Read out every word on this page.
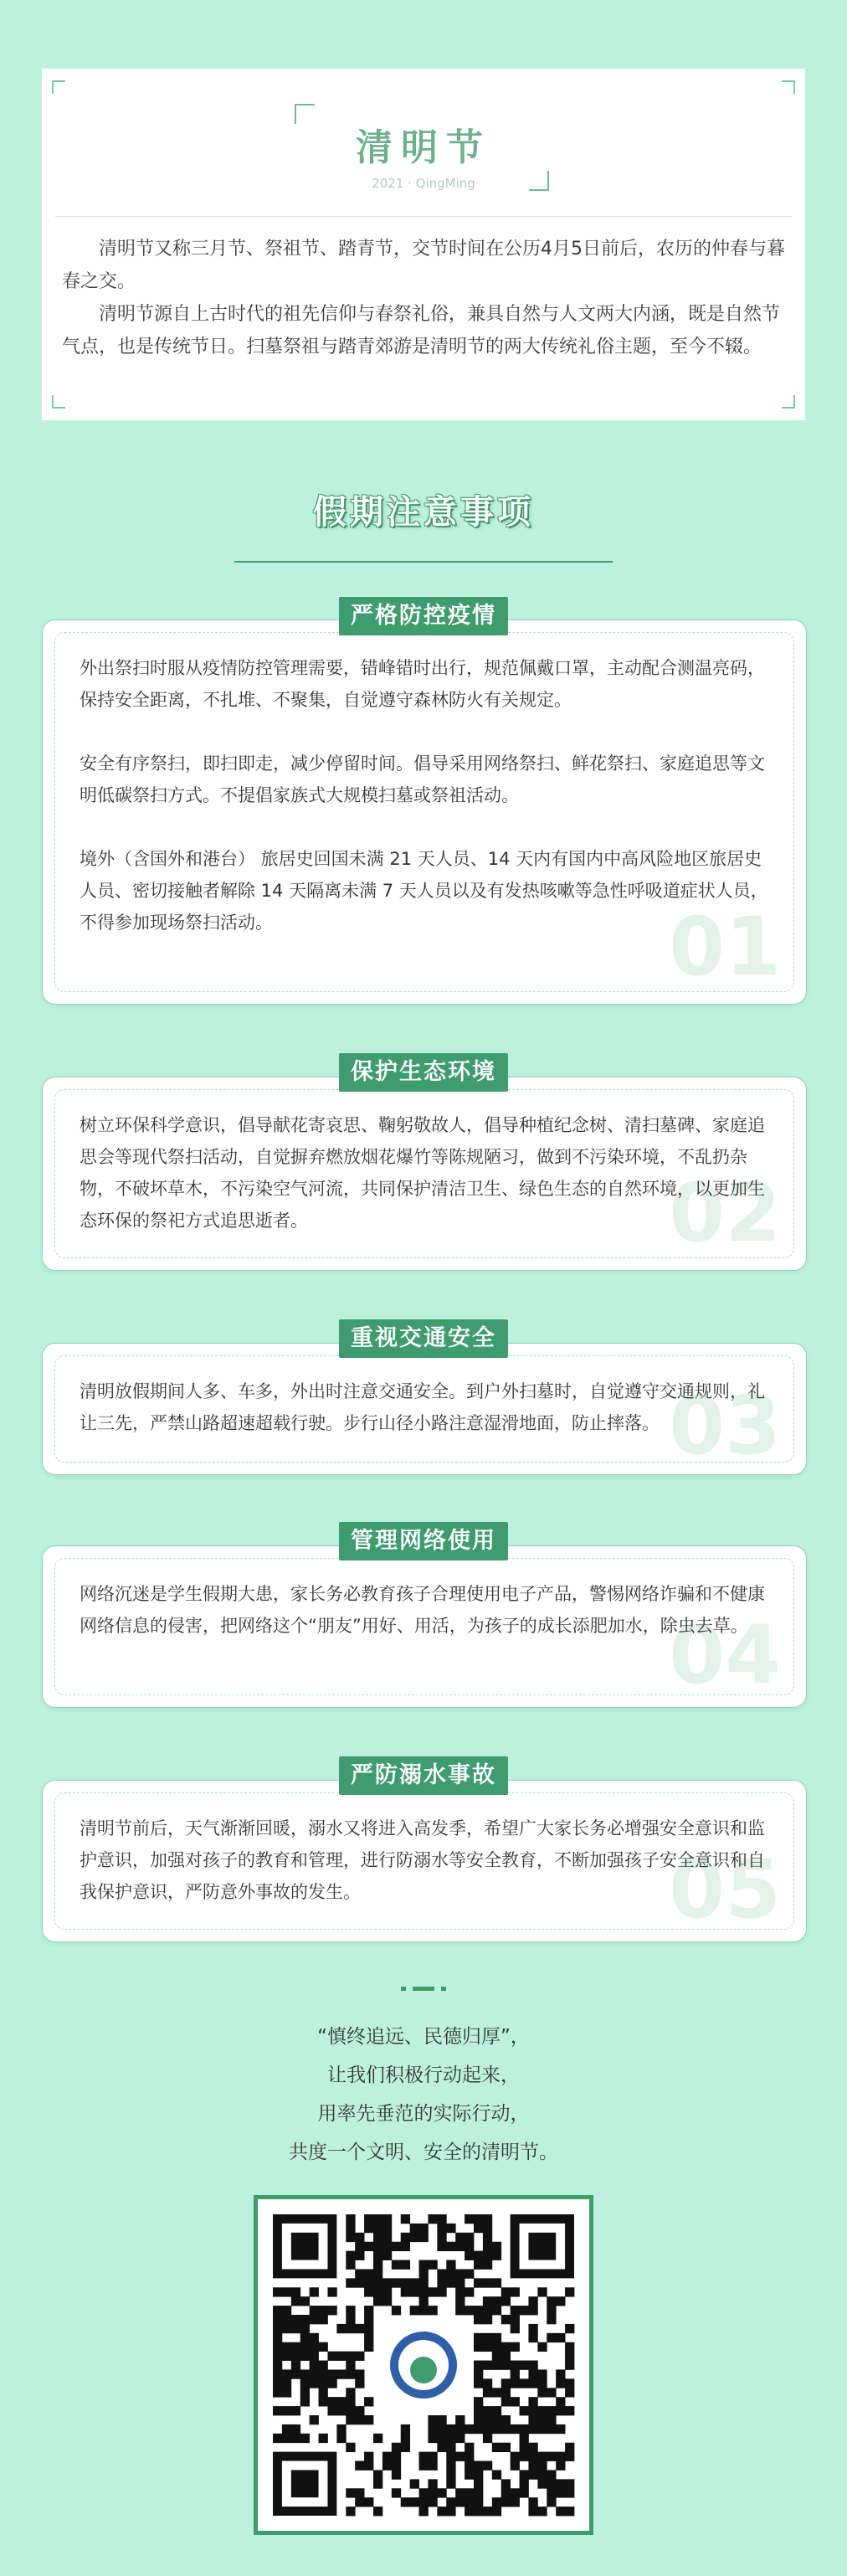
清明节
2021 · QingMing

清明节又称三月节、祭祖节、踏青节，交节时间在公历4月5日前后，农历的仲春与暮春之交。

清明节源自上古时代的祖先信仰与春祭礼俗，兼具自然与人文两大内涵，既是自然节气点，也是传统节日。扫墓祭祖与踏青郊游是清明节的两大传统礼俗主题，至今不辍。

假期注意事项
01

外出祭扫时服从疫情防控管理需要，错峰错时出行，规范佩戴口罩，主动配合测温亮码，保持安全距离，不扎堆、不聚集，自觉遵守森林防火有关规定。

安全有序祭扫，即扫即走，减少停留时间。倡导采用网络祭扫、鲜花祭扫、家庭追思等文明低碳祭扫方式。不提倡家族式大规模扫墓或祭祖活动。

境外（含国外和港台） 旅居史回国未满 21 天人员、14 天内有国内中高风险地区旅居史人员、密切接触者解除 14 天隔离未满 7 天人员以及有发热咳嗽等急性呼吸道症状人员，不得参加现场祭扫活动。

严格防控疫情
02

树立环保科学意识，倡导献花寄哀思、鞠躬敬故人，倡导种植纪念树、清扫墓碑、家庭追思会等现代祭扫活动，自觉摒弃燃放烟花爆竹等陈规陋习，做到不污染环境，不乱扔杂物，不破坏草木，不污染空气河流，共同保护清洁卫生、绿色生态的自然环境，以更加生态环保的祭祀方式追思逝者。

保护生态环境
03

清明放假期间人多、车多，外出时注意交通安全。到户外扫墓时，自觉遵守交通规则，礼让三先，严禁山路超速超载行驶。步行山径小路注意湿滑地面，防止摔落。

重视交通安全
04

网络沉迷是学生假期大患，家长务必教育孩子合理使用电子产品，警惕网络诈骗和不健康网络信息的侵害，把网络这个“朋友”用好、用活，为孩子的成长添肥加水，除虫去草。

管理网络使用
05

清明节前后，天气渐渐回暖，溺水又将进入高发季，希望广大家长务必增强安全意识和监护意识，加强对孩子的教育和管理，进行防溺水等安全教育，不断加强孩子安全意识和自我保护意识，严防意外事故的发生。

严防溺水事故
“慎终追远、民德归厚”，
让我们积极行动起来，
用率先垂范的实际行动，
共度一个文明、安全的清明节。
